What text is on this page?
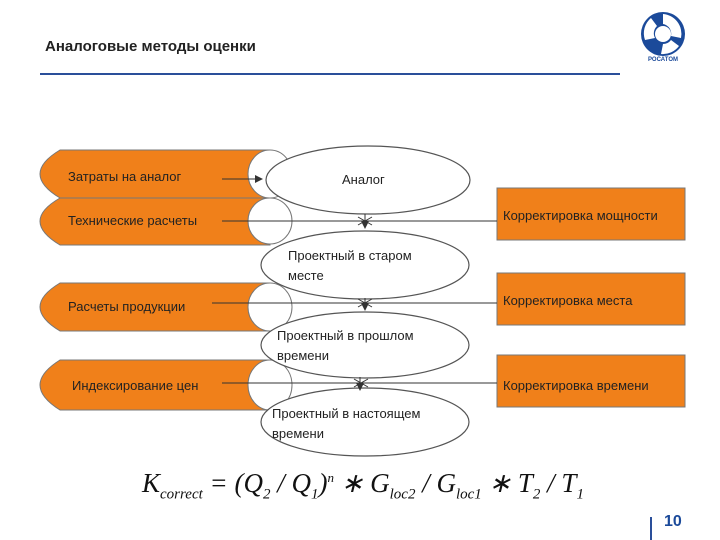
Аналоговые методы оценки
РОСАТОМ
Затраты на аналог
Технические расчеты
Расчеты продукции
Индексирование цен
Корректировка мощности
Корректировка места
Корректировка времени
Аналог
Проектный в старом месте
Проектный в прошлом времени
Проектный в настоящем времени
$K_{correct} = (Q_2 / Q_1)^n$ ∗ $G_{loc2} / G_{loc1}$ ∗ $T_2 / T_1$
10
